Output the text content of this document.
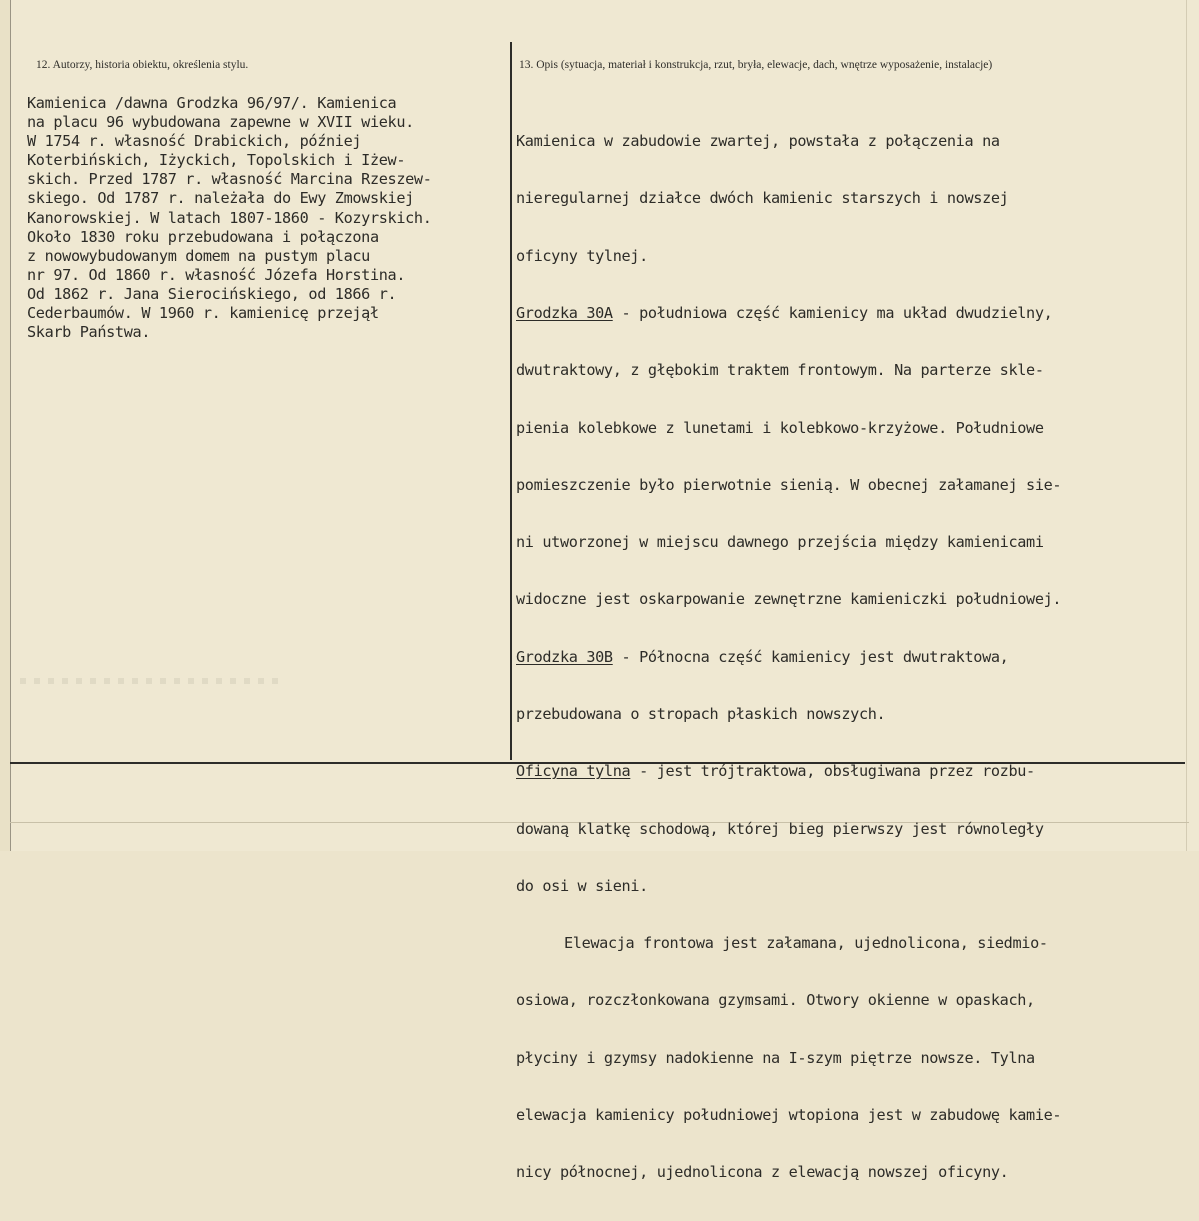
12. Autorzy, historia obiektu, określenia stylu.	13. Opis (sytuacja, materiał i konstrukcja, rzut, bryła, elewacje, dach, wnętrze wyposażenie, instalacje)
Kamienica /dawna Grodzka 96/97/. Kamienica
na placu 96 wybudowana zapewne w XVII wieku.
W 1754 r. własność Drabickich, później
Koterbińskich, Iżyckich, Topolskich i Iżew-
skich. Przed 1787 r. własność Marcina Rzeszew-
skiego. Od 1787 r. należała do Ewy Zmowskiej
Kanorowskiej. W latach 1807-1860 - Kozyrskich.
Około 1830 roku przebudowana i połączona
z nowowybudowanym domem na pustym placu
nr 97. Od 1860 r. własność Józefa Horstina.
Od 1862 r. Jana Sierocińskiego, od 1866 r.
Cederbaumów. W 1960 r. kamienicę przejął
Skarb Państwa.

Kamienica w zabudowie zwartej, powstała z połączenia na

nieregularnej działce dwóch kamienic starszych i nowszej

oficyny tylnej.

Grodzka 30A - południowa część kamienicy ma układ dwudzielny,

dwutraktowy, z głębokim traktem frontowym. Na parterze skle-

pienia kolebkowe z lunetami i kolebkowo-krzyżowe. Południowe

pomieszczenie było pierwotnie sienią. W obecnej załamanej sie-

ni utworzonej w miejscu dawnego przejścia między kamienicami

widoczne jest oskarpowanie zewnętrzne kamieniczki południowej.

Grodzka 30B - Północna część kamienicy jest dwutraktowa,

przebudowana o stropach płaskich nowszych.

Oficyna tylna - jest trójtraktowa, obsługiwana przez rozbu-

dowaną klatkę schodową, której bieg pierwszy jest równoległy

do osi w sieni.

Elewacja frontowa jest załamana, ujednolicona, siedmio-

osiowa, rozczłonkowana gzymsami. Otwory okienne w opaskach,

płyciny i gzymsy nadokienne na I-szym piętrze nowsze. Tylna

elewacja kamienicy południowej wtopiona jest w zabudowę kamie-

nicy północnej, ujednolicona z elewacją nowszej oficyny.
